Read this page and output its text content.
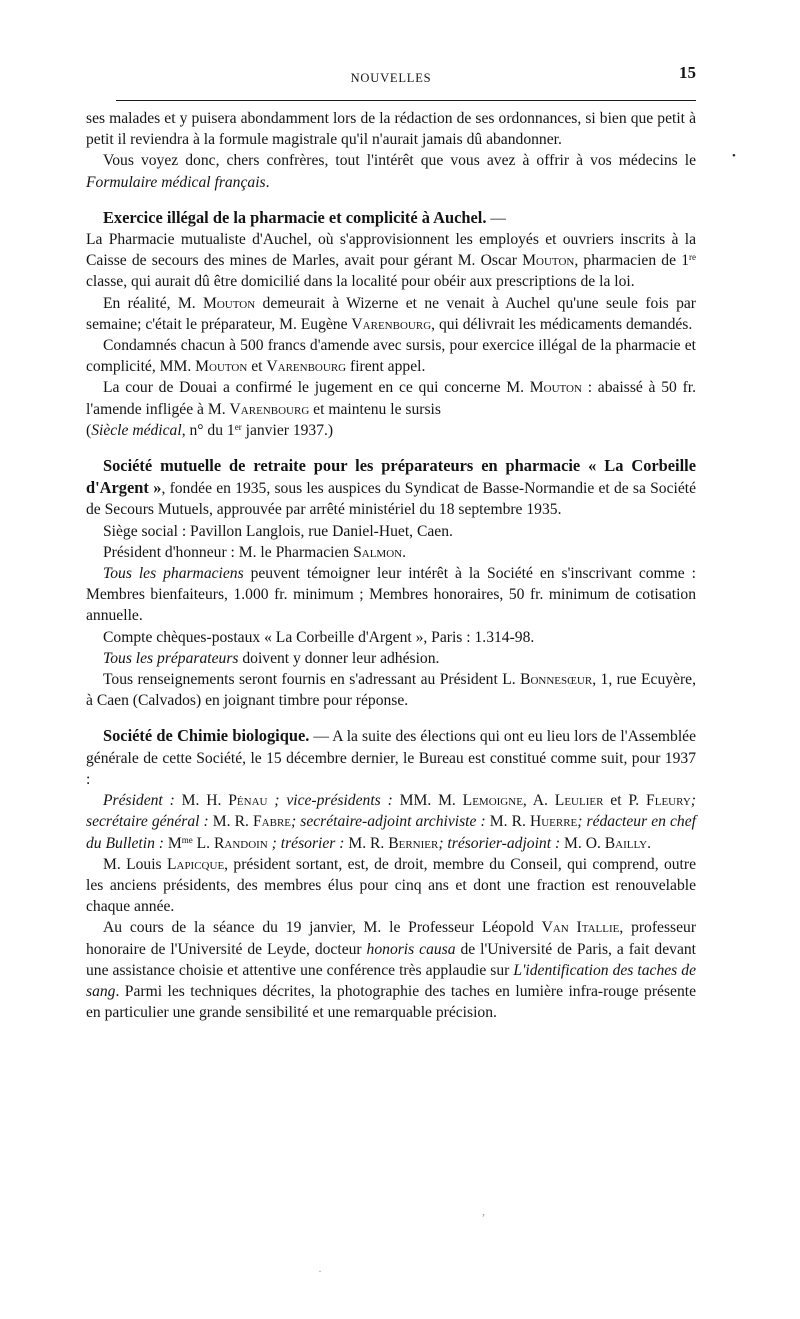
NOUVELLES	15

ses malades et y puisera abondamment lors de la rédaction de ses ordonnances, si bien que petit à petit il reviendra à la formule magistrale qu'il n'aurait jamais dû abandonner.

Vous voyez donc, chers confrères, tout l'intérêt que vous avez à offrir à vos médecins le Formulaire médical français.

Exercice illégal de la pharmacie et complicité à Auchel. —
La Pharmacie mutualiste d'Auchel, où s'approvisionnent les employés et ouvriers inscrits à la Caisse de secours des mines de Marles, avait pour gérant M. Oscar Mouton, pharmacien de 1re classe, qui aurait dû être domicilié dans la localité pour obéir aux prescriptions de la loi.

En réalité, M. Mouton demeurait à Wizerne et ne venait à Auchel qu'une seule fois par semaine; c'était le préparateur, M. Eugène Varenbourg, qui délivrait les médicaments demandés.

Condamnés chacun à 500 francs d'amende avec sursis, pour exercice illégal de la pharmacie et complicité, MM. Mouton et Varenbourg firent appel.

La cour de Douai a confirmé le jugement en ce qui concerne M. Mouton : abaissé à 50 fr. l'amende infligée à M. Varenbourg et maintenu le sursis
(Siècle médical, n° du 1er janvier 1937.)

Société mutuelle de retraite pour les préparateurs en pharmacie « La Corbeille d'Argent », fondée en 1935, sous les auspices du Syndicat de Basse-Normandie et de sa Société de Secours Mutuels, approuvée par arrêté ministériel du 18 septembre 1935.

Siège social : Pavillon Langlois, rue Daniel-Huet, Caen.

Président d'honneur : M. le Pharmacien Salmon.

Tous les pharmaciens peuvent témoigner leur intérêt à la Société en s'inscrivant comme : Membres bienfaiteurs, 1.000 fr. minimum ; Membres honoraires, 50 fr. minimum de cotisation annuelle.

Compte chèques-postaux « La Corbeille d'Argent », Paris : 1.314-98.

Tous les préparateurs doivent y donner leur adhésion.

Tous renseignements seront fournis en s'adressant au Président L. Bonnesœur, 1, rue Ecuyère, à Caen (Calvados) en joignant timbre pour réponse.

Société de Chimie biologique. — A la suite des élections qui ont eu lieu lors de l'Assemblée générale de cette Société, le 15 décembre dernier, le Bureau est constitué comme suit, pour 1937 :

Président : M. H. Pénau ; vice-présidents : MM. M. Lemoigne, A. Leulier et P. Fleury; secrétaire général : M. R. Fabre; secrétaire-adjoint archiviste : M. R. Huerre; rédacteur en chef du Bulletin : $M^{me}$ L. Randoin ; trésorier : M. R. Bernier; trésorier-adjoint : M. O. Bailly.

M. Louis Lapicque, président sortant, est, de droit, membre du Conseil, qui comprend, outre les anciens présidents, des membres élus pour cinq ans et dont une fraction est renouvelable chaque année.

Au cours de la séance du 19 janvier, M. le Professeur Léopold Van Itallie, professeur honoraire de l'Université de Leyde, docteur honoris causa de l'Université de Paris, a fait devant une assistance choisie et attentive une conférence très applaudie sur L'identification des taches de sang. Parmi les techniques décrites, la photographie des taches en lumière infra-rouge présente en particulier une grande sensibilité et une remarquable précision.

•
,
·
